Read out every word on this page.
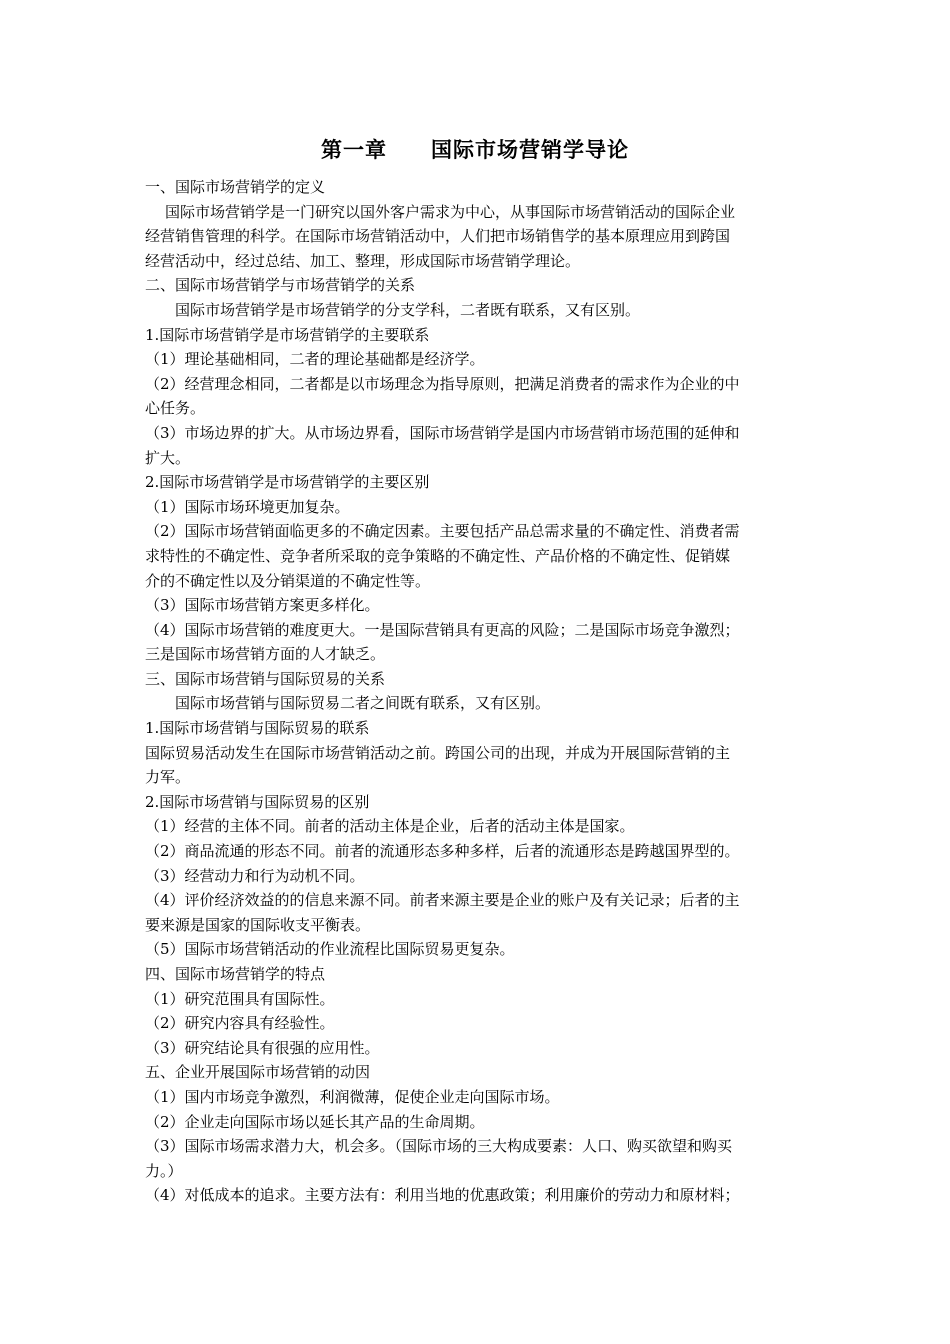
第一章　　国际市场营销学导论
一、国际市场营销学的定义
国际市场营销学是一门研究以国外客户需求为中心，从事国际市场营销活动的国际企业
经营销售管理的科学。在国际市场营销活动中，人们把市场销售学的基本原理应用到跨国
经营活动中，经过总结、加工、整理，形成国际市场营销学理论。
二、国际市场营销学与市场营销学的关系
国际市场营销学是市场营销学的分支学科，二者既有联系，又有区别。
1.国际市场营销学是市场营销学的主要联系
（1）理论基础相同，二者的理论基础都是经济学。
（2）经营理念相同，二者都是以市场理念为指导原则，把满足消费者的需求作为企业的中
心任务。
（3）市场边界的扩大。从市场边界看，国际市场营销学是国内市场营销市场范围的延伸和
扩大。
2.国际市场营销学是市场营销学的主要区别
（1）国际市场环境更加复杂。
（2）国际市场营销面临更多的不确定因素。主要包括产品总需求量的不确定性、消费者需
求特性的不确定性、竞争者所采取的竞争策略的不确定性、产品价格的不确定性、促销媒
介的不确定性以及分销渠道的不确定性等。
（3）国际市场营销方案更多样化。
（4）国际市场营销的难度更大。一是国际营销具有更高的风险；二是国际市场竞争激烈；
三是国际市场营销方面的人才缺乏。
三、国际市场营销与国际贸易的关系
国际市场营销与国际贸易二者之间既有联系，又有区别。
1.国际市场营销与国际贸易的联系
国际贸易活动发生在国际市场营销活动之前。跨国公司的出现，并成为开展国际营销的主
力军。
2.国际市场营销与国际贸易的区别
（1）经营的主体不同。前者的活动主体是企业，后者的活动主体是国家。
（2）商品流通的形态不同。前者的流通形态多种多样，后者的流通形态是跨越国界型的。
（3）经营动力和行为动机不同。
（4）评价经济效益的的信息来源不同。前者来源主要是企业的账户及有关记录；后者的主
要来源是国家的国际收支平衡表。
（5）国际市场营销活动的作业流程比国际贸易更复杂。
四、国际市场营销学的特点
（1）研究范围具有国际性。
（2）研究内容具有经验性。
（3）研究结论具有很强的应用性。
五、企业开展国际市场营销的动因
（1）国内市场竞争激烈，利润微薄，促使企业走向国际市场。
（2）企业走向国际市场以延长其产品的生命周期。
（3）国际市场需求潜力大，机会多。（国际市场的三大构成要素：人口、购买欲望和购买
力。）
（4）对低成本的追求。主要方法有：利用当地的优惠政策；利用廉价的劳动力和原材料；
